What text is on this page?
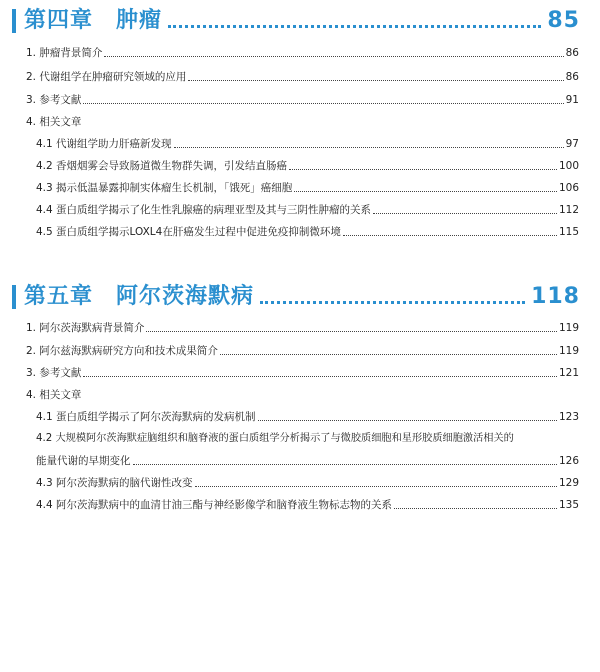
第四章　肿瘤	85
1. 肿瘤背景简介	86
2. 代谢组学在肿瘤研究领域的应用	86
3. 参考文献	91
4. 相关文章
4.1 代谢组学助力肝癌新发现	97
4.2 香烟烟雾会导致肠道微生物群失调，引发结直肠癌	100
4.3 揭示低温暴露抑制实体瘤生长机制，「饿死」癌细胞	106
4.4 蛋白质组学揭示了化生性乳腺癌的病理亚型及其与三阴性肿瘤的关系	112
4.5 蛋白质组学揭示LOXL4在肝癌发生过程中促进免疫抑制微环境	115
第五章　阿尔茨海默病	118
1. 阿尔茨海默病背景简介	119
2. 阿尔兹海默病研究方向和技术成果简介	119
3. 参考文献	121
4. 相关文章
4.1 蛋白质组学揭示了阿尔茨海默病的发病机制	123
4.2 大规模阿尔茨海默症脑组织和脑脊液的蛋白质组学分析揭示了与微胶质细胞和星形胶质细胞激活相关的
能量代谢的早期变化	126
4.3 阿尔茨海默病的脑代谢性改变	129
4.4 阿尔茨海默病中的血清甘油三酯与神经影像学和脑脊液生物标志物的关系	135
